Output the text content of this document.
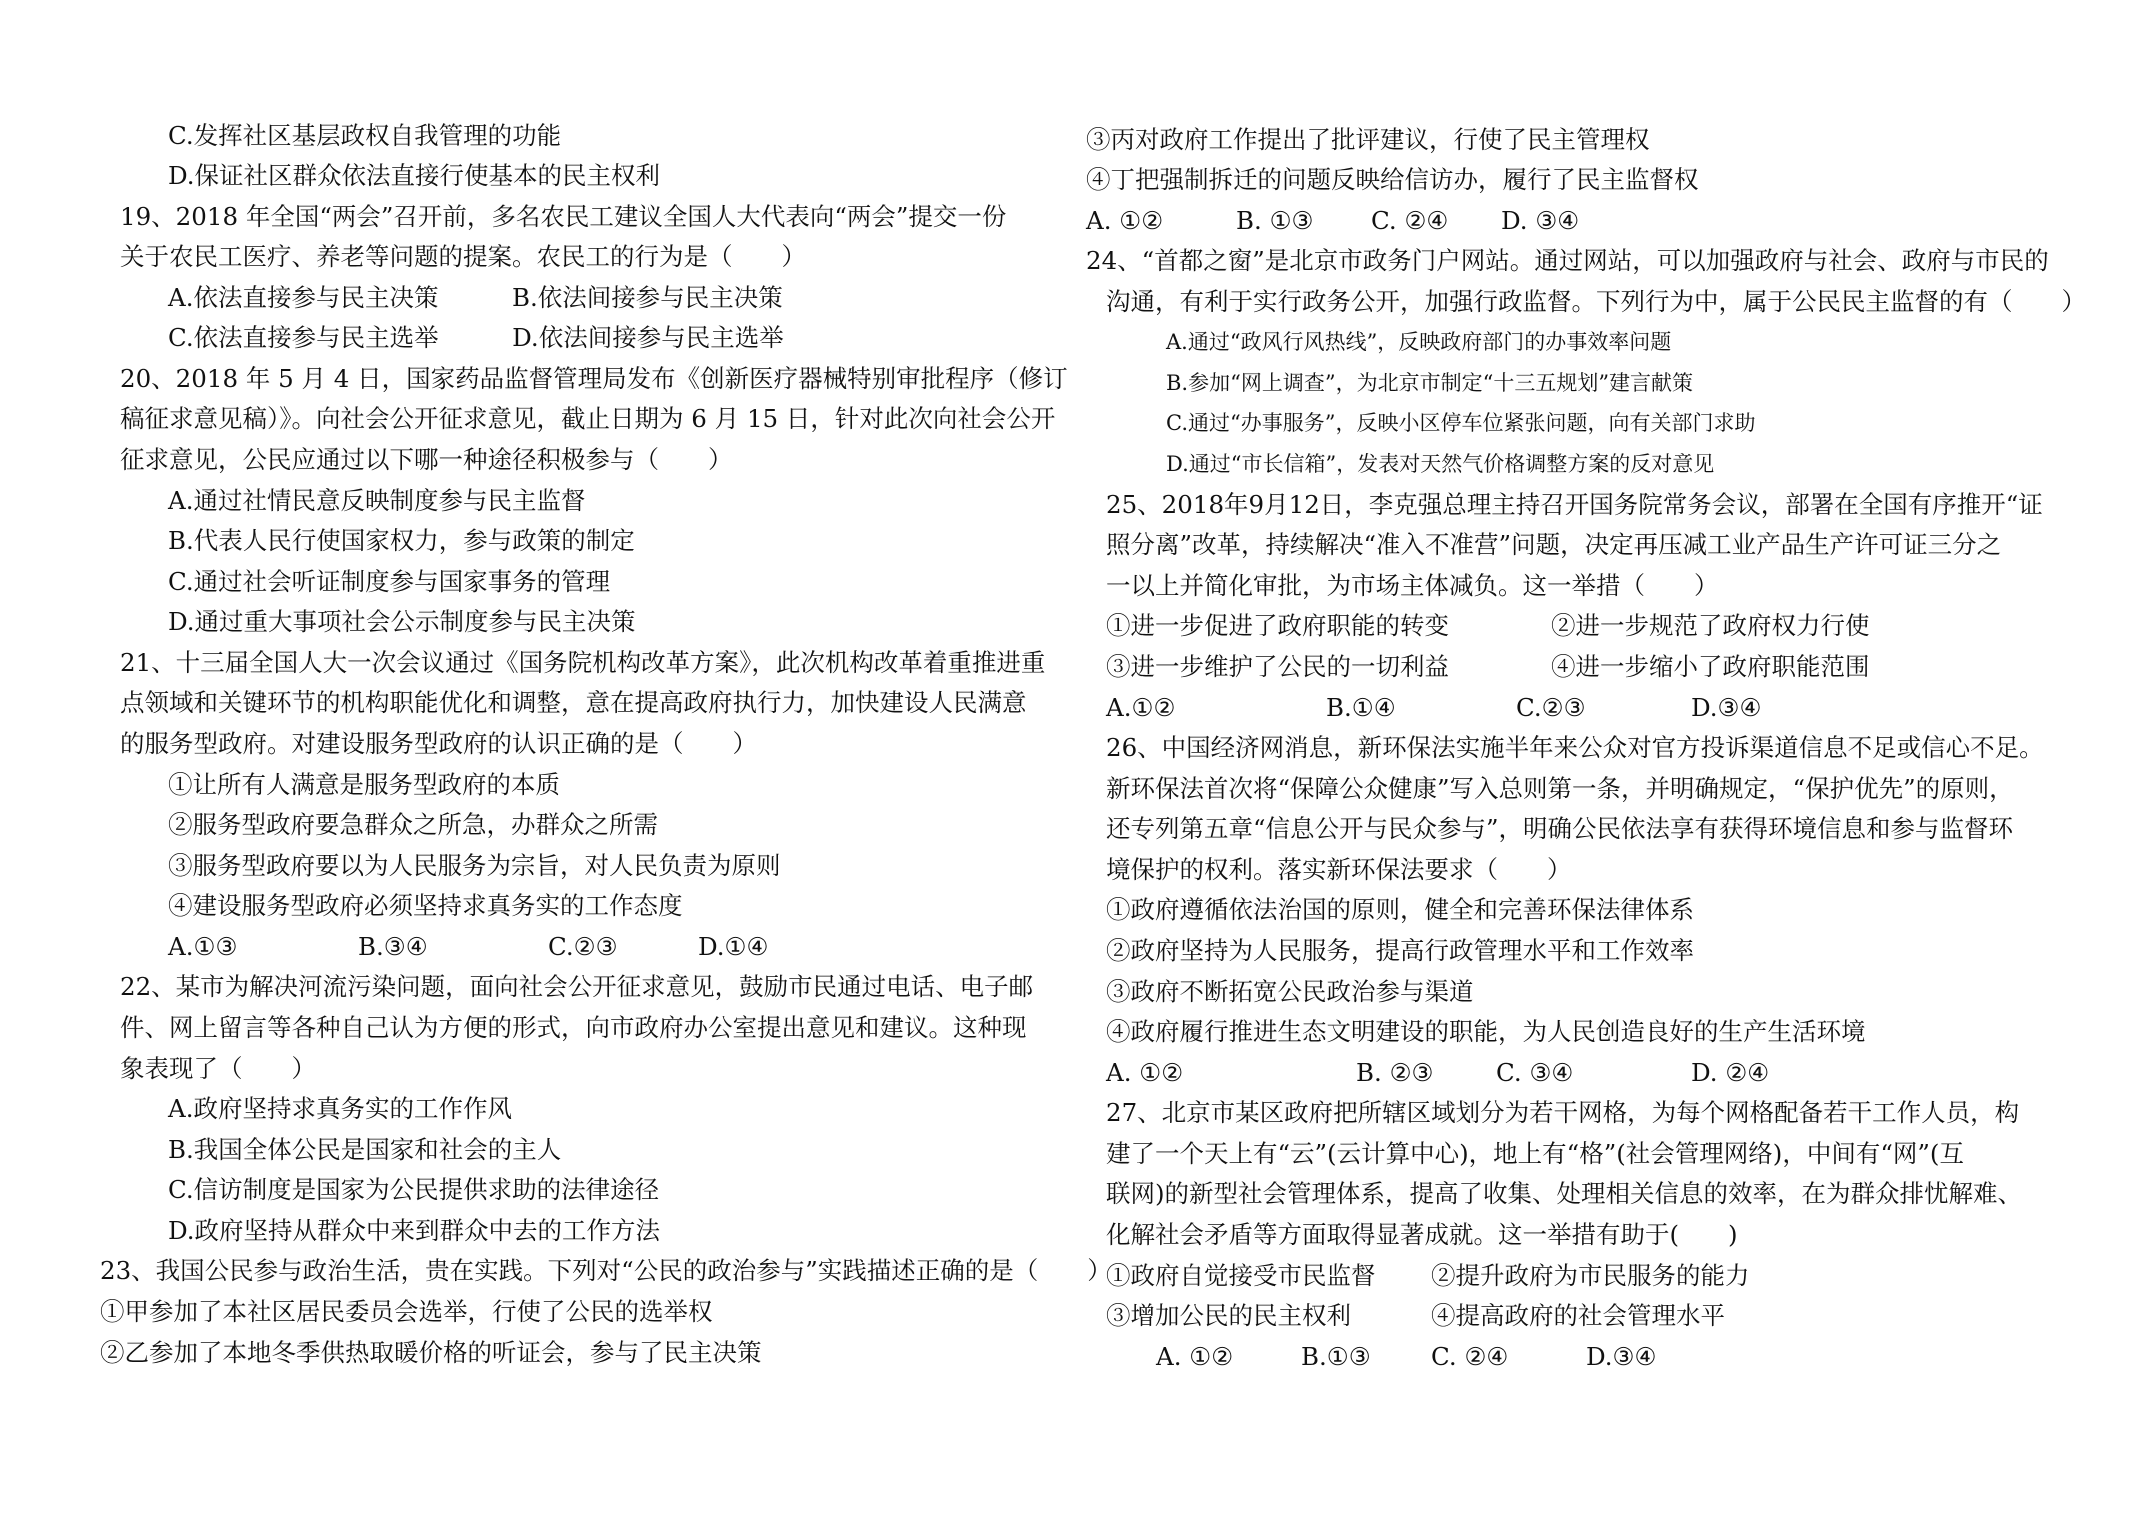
C.发挥社区基层政权自我管理的功能
D.保证社区群众依法直接行使基本的民主权利
19、2018 年全国“两会”召开前，多名农民工建议全国人大代表向“两会”提交一份
关于农民工医疗、养老等问题的提案。农民工的行为是（　　）
A.依法直接参与民主决策　　　B.依法间接参与民主决策
C.依法直接参与民主选举　　　D.依法间接参与民主选举
20、2018 年 5 月 4 日，国家药品监督管理局发布《创新医疗器械特别审批程序（修订
稿征求意见稿）》。向社会公开征求意见，截止日期为 6 月 15 日，针对此次向社会公开
征求意见，公民应通过以下哪一种途径积极参与（　　）
A.通过社情民意反映制度参与民主监督
B.代表人民行使国家权力，参与政策的制定
C.通过社会听证制度参与国家事务的管理
D.通过重大事项社会公示制度参与民主决策
21、十三届全国人大一次会议通过《国务院机构改革方案》，此次机构改革着重推进重
点领域和关键环节的机构职能优化和调整，意在提高政府执行力，加快建设人民满意
的服务型政府。对建设服务型政府的认识正确的是（　　）
①让所有人满意是服务型政府的本质
②服务型政府要急群众之所急，办群众之所需
③服务型政府要以为人民服务为宗旨，对人民负责为原则
④建设服务型政府必须坚持求真务实的工作态度
A.①③	B.③④	C.②③	D.①④
22、某市为解决河流污染问题，面向社会公开征求意见，鼓励市民通过电话、电子邮
件、网上留言等各种自己认为方便的形式，向市政府办公室提出意见和建议。这种现
象表现了（　　）
A.政府坚持求真务实的工作作风
B.我国全体公民是国家和社会的主人
C.信访制度是国家为公民提供求助的法律途径
D.政府坚持从群众中来到群众中去的工作方法
23、我国公民参与政治生活，贵在实践。下列对“公民的政治参与”实践描述正确的是（　　）
①甲参加了本社区居民委员会选举，行使了公民的选举权
②乙参加了本地冬季供热取暖价格的听证会，参与了民主决策
③丙对政府工作提出了批评建议，行使了民主管理权
④丁把强制拆迁的问题反映给信访办，履行了民主监督权
A. ①②	B. ①③ C. ②④ D. ③④
24、“首都之窗”是北京市政务门户网站。通过网站，可以加强政府与社会、政府与市民的
沟通，有利于实行政务公开，加强行政监督。下列行为中，属于公民民主监督的有（　　）
A.通过“政风行风热线”，反映政府部门的办事效率问题
B.参加“网上调查”，为北京市制定“十三五规划”建言献策
C.通过“办事服务”，反映小区停车位紧张问题，向有关部门求助
D.通过“市长信箱”，发表对天然气价格调整方案的反对意见
25、2018年9月12日，李克强总理主持召开国务院常务会议，部署在全国有序推开“证
照分离”改革，持续解决“准入不准营”问题，决定再压减工业产品生产许可证三分之
一以上并简化审批，为市场主体减负。这一举措（　　）
①进一步促进了政府职能的转变	②进一步规范了政府权力行使
③进一步维护了公民的一切利益	④进一步缩小了政府职能范围
A.①②	B.①④	C.②③	D.③④
26、中国经济网消息，新环保法实施半年来公众对官方投诉渠道信息不足或信心不足。
新环保法首次将“保障公众健康”写入总则第一条，并明确规定，“保护优先”的原则，
还专列第五章“信息公开与民众参与”，明确公民依法享有获得环境信息和参与监督环
境保护的权利。落实新环保法要求（　　）
①政府遵循依法治国的原则，健全和完善环保法律体系
②政府坚持为人民服务，提高行政管理水平和工作效率
③政府不断拓宽公民政治参与渠道
④政府履行推进生态文明建设的职能，为人民创造良好的生产生活环境
A. ①②	B. ②③	C. ③④	D. ②④
27、北京市某区政府把所辖区域划分为若干网格，为每个网格配备若干工作人员，构
建了一个天上有“云”(云计算中心)，地上有“格”(社会管理网络)，中间有“网”(互
联网)的新型社会管理体系，提高了收集、处理相关信息的效率，在为群众排忧解难、
化解社会矛盾等方面取得显著成就。这一举措有助于(　　)
①政府自觉接受市民监督 ②提升政府为市民服务的能力
③增加公民的民主权利	④提高政府的社会管理水平
A. ①②	B.①③ C. ②④	D.③④
